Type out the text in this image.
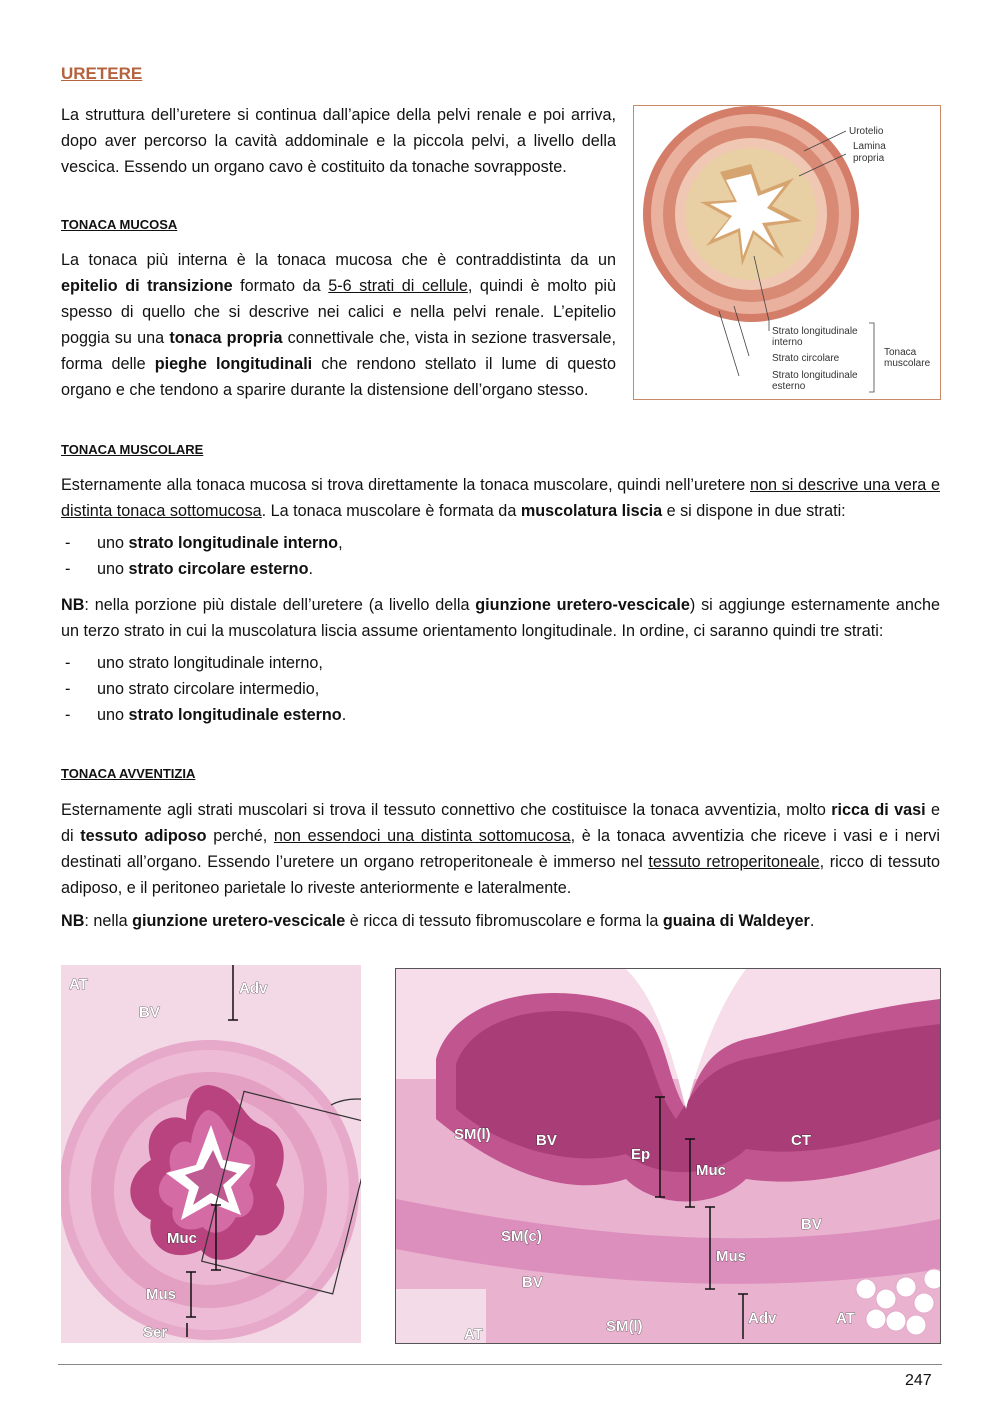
URETERE
La struttura dell’uretere si continua dall’apice della pelvi renale e poi arriva, dopo aver percorso la cavità addominale e la piccola pelvi, a livello della vescica. Essendo un organo cavo è costituito da tonache sovrapposte.
TONACA MUCOSA
La tonaca più interna è la tonaca mucosa che è contraddistinta da un epitelio di transizione formato da 5-6 strati di cellule, quindi è molto più spesso di quello che si descrive nei calici e nella pelvi renale. L’epitelio poggia su una tonaca propria connettivale che, vista in sezione trasversale, forma delle pieghe longitudinali che rendono stellato il lume di questo organo e che tendono a sparire durante la distensione dell’organo stesso.
Urotelio
Lamina
propria
Strato longitudinale
interno
Strato circolare
Strato longitudinale
esterno
Tonaca
muscolare
TONACA MUSCOLARE
Esternamente alla tonaca mucosa si trova direttamente la tonaca muscolare, quindi nell’uretere non si descrive una vera e distinta tonaca sottomucosa. La tonaca muscolare è formata da muscolatura liscia e si dispone in due strati:
- uno strato longitudinale interno,
- uno strato circolare esterno.
NB: nella porzione più distale dell’uretere (a livello della giunzione uretero-vescicale) si aggiunge esternamente anche un terzo strato in cui la muscolatura liscia assume orientamento longitudinale. In ordine, ci saranno quindi tre strati:
- uno strato longitudinale interno,
- uno strato circolare intermedio,
- uno strato longitudinale esterno.
TONACA AVVENTIZIA
Esternamente agli strati muscolari si trova il tessuto connettivo che costituisce la tonaca avventizia, molto ricca di vasi e di tessuto adiposo perché, non essendoci una distinta sottomucosa, è la tonaca avventizia che riceve i vasi e i nervi destinati all’organo. Essendo l’uretere un organo retroperitoneale è immerso nel tessuto retroperitoneale, ricco di tessuto adiposo, e il peritoneo parietale lo riveste anteriormente e lateralmente.
NB: nella giunzione uretero-vescicale è ricca di tessuto fibromuscolare e forma la guaina di Waldeyer.
AT	Adv
BV
Muc
Mus
Ser
SM(l)	BV
Ep
Muc
CT
SM(c)
BV
Mus
BV
AT	SM(l)	Adv	AT
247
